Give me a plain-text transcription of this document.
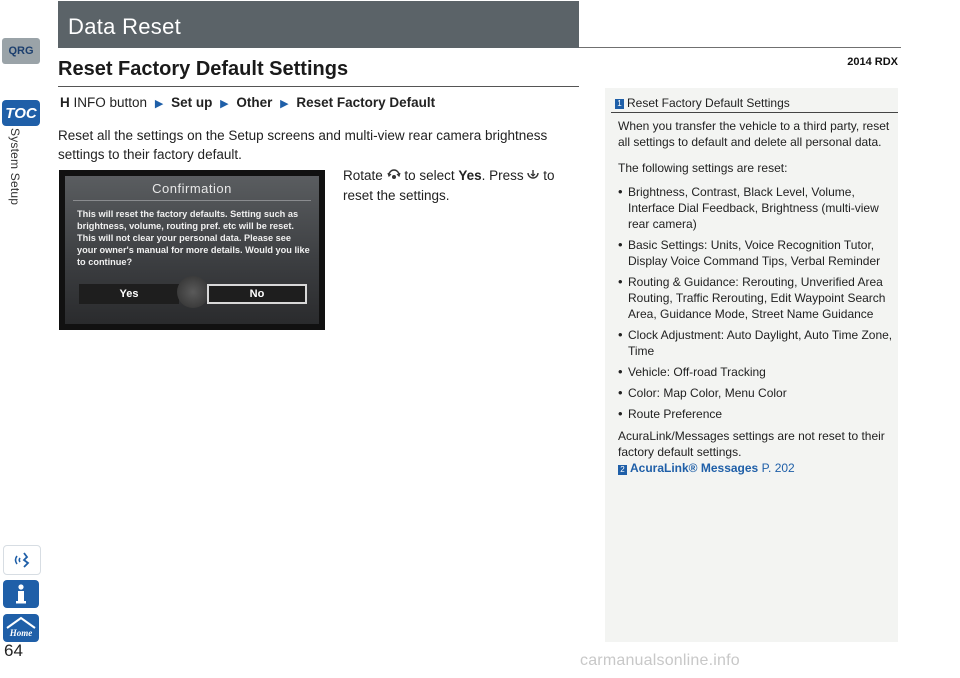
QRG
TOC
System Setup
Home
64
Data Reset
2014 RDX
Reset Factory Default Settings
H INFO button ▶ Set up ▶ Other ▶ Reset Factory Default
Reset all the settings on the Setup screens and multi-view rear camera brightness settings to their factory default.
Rotate to select Yes. Press to reset the settings.
Confirmation
This will reset the factory defaults. Setting such as brightness, volume, routing pref. etc will be reset. This will not clear your personal data. Please see your owner's manual for more details. Would you like to continue?
Yes	No
1 Reset Factory Default Settings

When you transfer the vehicle to a third party, reset all settings to default and delete all personal data.

The following settings are reset:

• Brightness, Contrast, Black Level, Volume, Interface Dial Feedback, Brightness (multi-view rear camera)
• Basic Settings: Units, Voice Recognition Tutor, Display Voice Command Tips, Verbal Reminder
• Routing & Guidance: Rerouting, Unverified Area Routing, Traffic Rerouting, Edit Waypoint Search Area, Guidance Mode, Street Name Guidance
• Clock Adjustment: Auto Daylight, Auto Time Zone, Time
• Vehicle: Off-road Tracking
• Color: Map Color, Menu Color
• Route Preference
AcuraLink/Messages settings are not reset to their factory default settings.
2 AcuraLink® Messages P. 202
carmanualsonline.info
